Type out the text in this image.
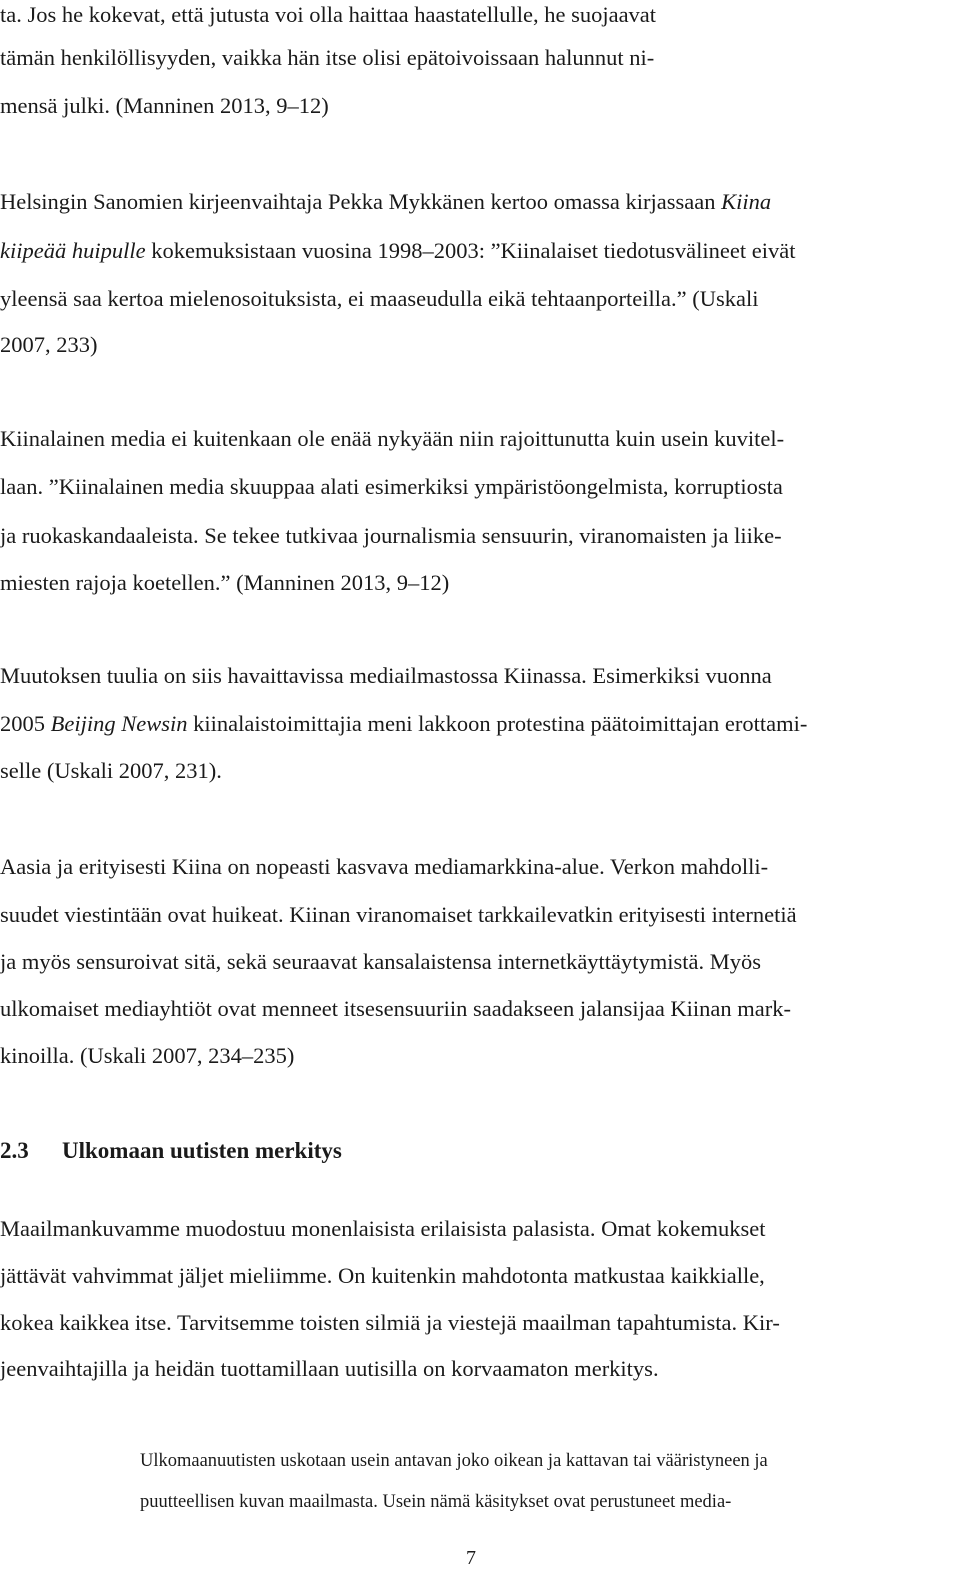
ta. Jos he kokevat, että jutusta voi olla haittaa haastatellulle, he suojaavat
tämän henkilöllisyyden, vaikka hän itse olisi epätoivoissaan halunnut ni-
mensä julki. (Manninen 2013, 9–12)
Helsingin Sanomien kirjeenvaihtaja Pekka Mykkänen kertoo omassa kirjassaan Kiina
kiipeää huipulle kokemuksistaan vuosina 1998–2003: ”Kiinalaiset tiedotusvälineet eivät
yleensä saa kertoa mielenosoituksista, ei maaseudulla eikä tehtaanporteilla.” (Uskali
2007, 233)
Kiinalainen media ei kuitenkaan ole enää nykyään niin rajoittunutta kuin usein kuvitel-
laan. ”Kiinalainen media skuuppaa alati esimerkiksi ympäristöongelmista, korruptiosta
ja ruokaskandaaleista. Se tekee tutkivaa journalismia sensuurin, viranomaisten ja liike-
miesten rajoja koetellen.” (Manninen 2013, 9–12)
Muutoksen tuulia on siis havaittavissa mediailmastossa Kiinassa. Esimerkiksi vuonna
2005 Beijing Newsin kiinalaistoimittajia meni lakkoon protestina päätoimittajan erottami-
selle (Uskali 2007, 231).
Aasia ja erityisesti Kiina on nopeasti kasvava mediamarkkina-alue. Verkon mahdolli-
suudet viestintään ovat huikeat. Kiinan viranomaiset tarkkailevatkin erityisesti internetiä
ja myös sensuroivat sitä, sekä seuraavat kansalaistensa internetkäyttäytymistä. Myös
ulkomaiset mediayhtiöt ovat menneet itsesensuuriin saadakseen jalansijaa Kiinan mark-
kinoilla. (Uskali 2007, 234–235)
2.3 Ulkomaan uutisten merkitys
Maailmankuvamme muodostuu monenlaisista erilaisista palasista. Omat kokemukset
jättävät vahvimmat jäljet mieliimme. On kuitenkin mahdotonta matkustaa kaikkialle,
kokea kaikkea itse. Tarvitsemme toisten silmiä ja viestejä maailman tapahtumista. Kir-
jeenvaihtajilla ja heidän tuottamillaan uutisilla on korvaamaton merkitys.
Ulkomaanuutisten uskotaan usein antavan joko oikean ja kattavan tai vääristyneen ja
puutteellisen kuvan maailmasta. Usein nämä käsitykset ovat perustuneet media-
7
